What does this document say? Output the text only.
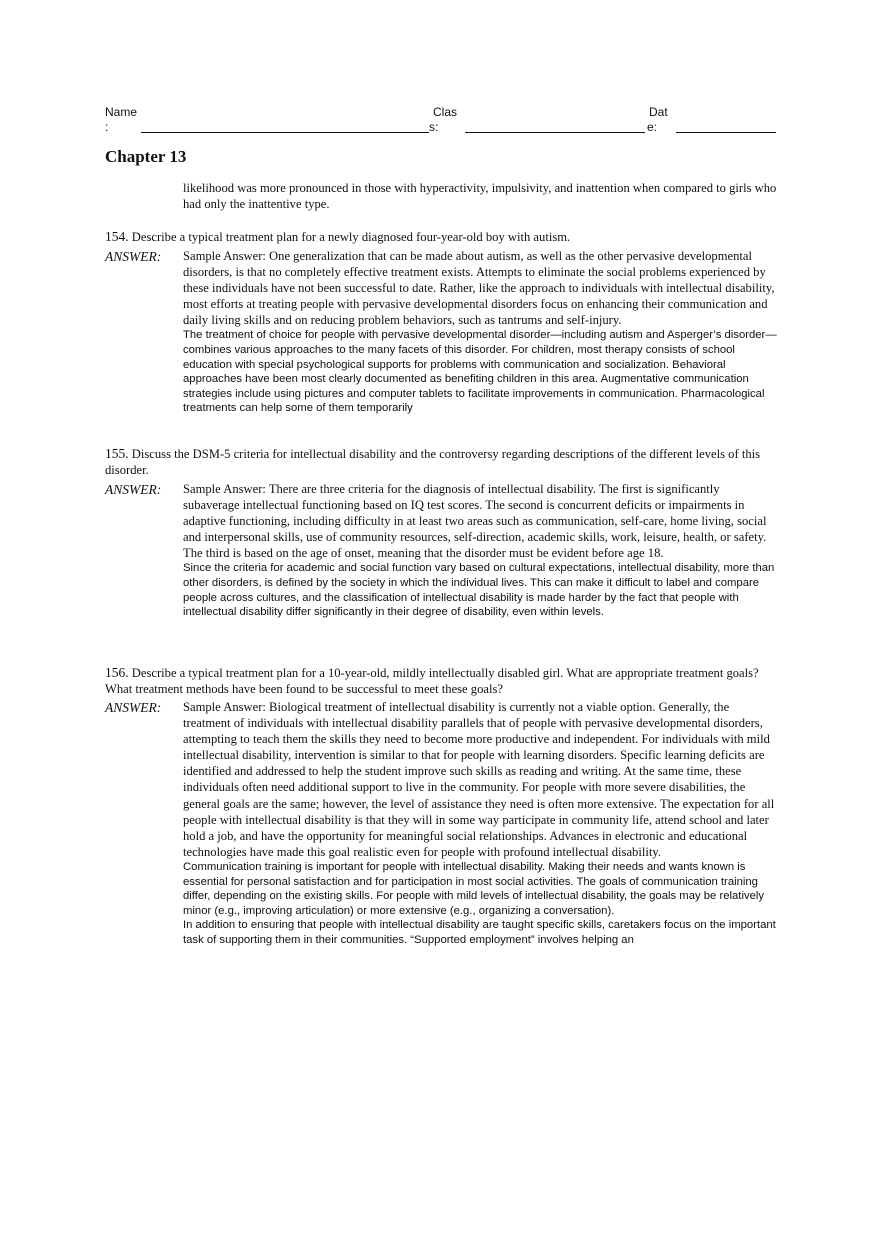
Name
:
Clas
s:
Dat
e:
Chapter 13

likelihood was more pronounced in those with hyperactivity, impulsivity, and inattention when compared to girls who had only the inattentive type.

154. Describe a typical treatment plan for a newly diagnosed four-year-old boy with autism.

ANSWER: Sample Answer: One generalization that can be made about autism, as well as the other pervasive developmental disorders, is that no completely effective treatment exists. Attempts to eliminate the social problems experienced by these individuals have not been successful to date. Rather, like the approach to individuals with intellectual disability, most efforts at treating people with pervasive developmental disorders focus on enhancing their communication and daily living skills and on reducing problem behaviors, such as tantrums and self-injury.

The treatment of choice for people with pervasive developmental disorder—including autism and Asperger’s disorder—combines various approaches to the many facets of this disorder. For children, most therapy consists of school education with special psychological supports for problems with communication and socialization. Behavioral approaches have been most clearly documented as benefiting children in this area. Augmentative communication strategies include using pictures and computer tablets to facilitate improvements in communication. Pharmacological treatments can help some of them temporarily

155. Discuss the DSM-5 criteria for intellectual disability and the controversy regarding descriptions of the different levels of this disorder.

ANSWER: Sample Answer: There are three criteria for the diagnosis of intellectual disability. The first is significantly subaverage intellectual functioning based on IQ test scores. The second is concurrent deficits or impairments in adaptive functioning, including difficulty in at least two areas such as communication, self-care, home living, social and interpersonal skills, use of community resources, self-direction, academic skills, work, leisure, health, or safety. The third is based on the age of onset, meaning that the disorder must be evident before age 18.

Since the criteria for academic and social function vary based on cultural expectations, intellectual disability, more than other disorders, is defined by the society in which the individual lives. This can make it difficult to label and compare people across cultures, and the classification of intellectual disability is made harder by the fact that people with intellectual disability differ significantly in their degree of disability, even within levels.

156. Describe a typical treatment plan for a 10-year-old, mildly intellectually disabled girl. What are appropriate treatment goals? What treatment methods have been found to be successful to meet these goals?

ANSWER: Sample Answer: Biological treatment of intellectual disability is currently not a viable option. Generally, the treatment of individuals with intellectual disability parallels that of people with pervasive developmental disorders, attempting to teach them the skills they need to become more productive and independent. For individuals with mild intellectual disability, intervention is similar to that for people with learning disorders. Specific learning deficits are identified and addressed to help the student improve such skills as reading and writing. At the same time, these individuals often need additional support to live in the community. For people with more severe disabilities, the general goals are the same; however, the level of assistance they need is often more extensive. The expectation for all people with intellectual disability is that they will in some way participate in community life, attend school and later hold a job, and have the opportunity for meaningful social relationships. Advances in electronic and educational technologies have made this goal realistic even for people with profound intellectual disability.

Communication training is important for people with intellectual disability. Making their needs and wants known is essential for personal satisfaction and for participation in most social activities. The goals of communication training differ, depending on the existing skills. For people with mild levels of intellectual disability, the goals may be relatively minor (e.g., improving articulation) or more extensive (e.g., organizing a conversation).

In addition to ensuring that people with intellectual disability are taught specific skills, caretakers focus on the important task of supporting them in their communities. “Supported employment” involves helping an
